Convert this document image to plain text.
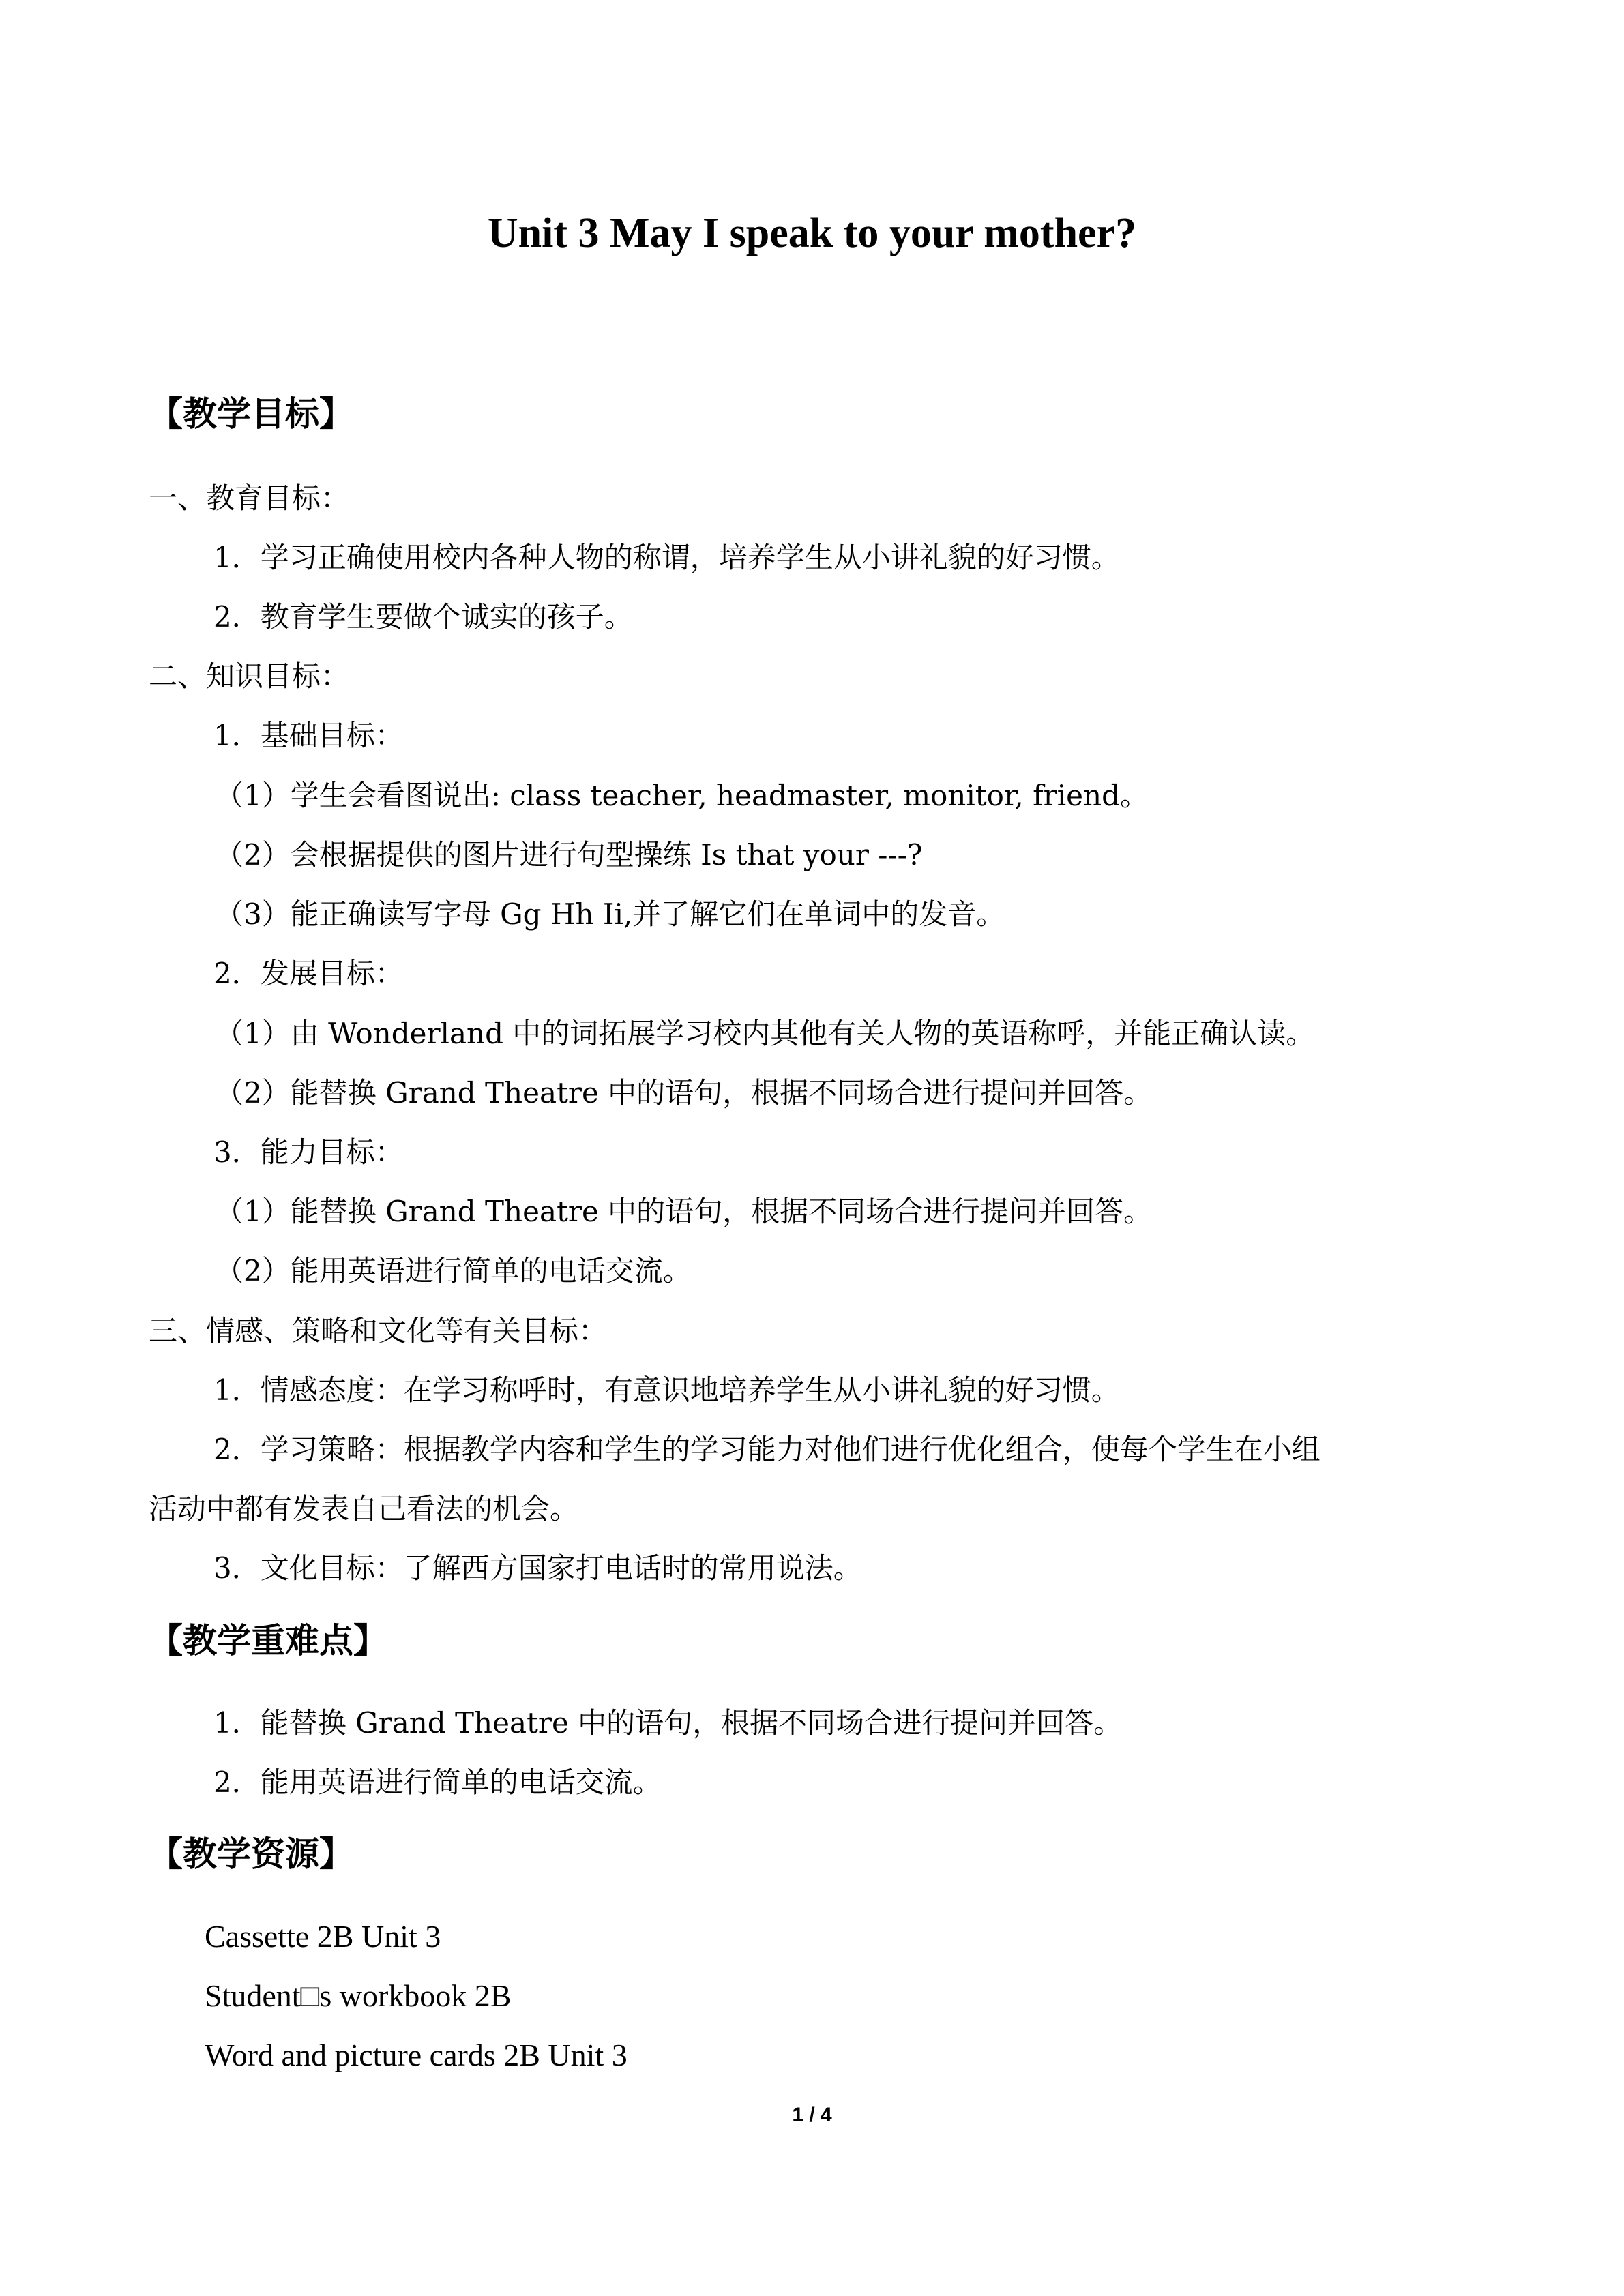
Unit 3 May I speak to your mother?
【教学目标】
一、教育目标：
1．学习正确使用校内各种人物的称谓，培养学生从小讲礼貌的好习惯。
2．教育学生要做个诚实的孩子。
二、知识目标：
1．基础目标：
（1）学生会看图说出: class teacher, headmaster, monitor, friend。
（2）会根据提供的图片进行句型操练 Is that your ---?
（3）能正确读写字母 Gg Hh Ii,并了解它们在单词中的发音。
2．发展目标：
（1）由 Wonderland 中的词拓展学习校内其他有关人物的英语称呼，并能正确认读。
（2）能替换 Grand Theatre 中的语句，根据不同场合进行提问并回答。
3．能力目标：
（1）能替换 Grand Theatre 中的语句，根据不同场合进行提问并回答。
（2）能用英语进行简单的电话交流。
三、情感、策略和文化等有关目标：
1．情感态度：在学习称呼时，有意识地培养学生从小讲礼貌的好习惯。
2．学习策略：根据教学内容和学生的学习能力对他们进行优化组合，使每个学生在小组
活动中都有发表自己看法的机会。
3．文化目标：了解西方国家打电话时的常用说法。
【教学重难点】
1．能替换 Grand Theatre 中的语句，根据不同场合进行提问并回答。
2．能用英语进行简单的电话交流。
【教学资源】
Cassette 2B Unit 3
Student□s workbook 2B
Word and picture cards 2B Unit 3
1 / 4
